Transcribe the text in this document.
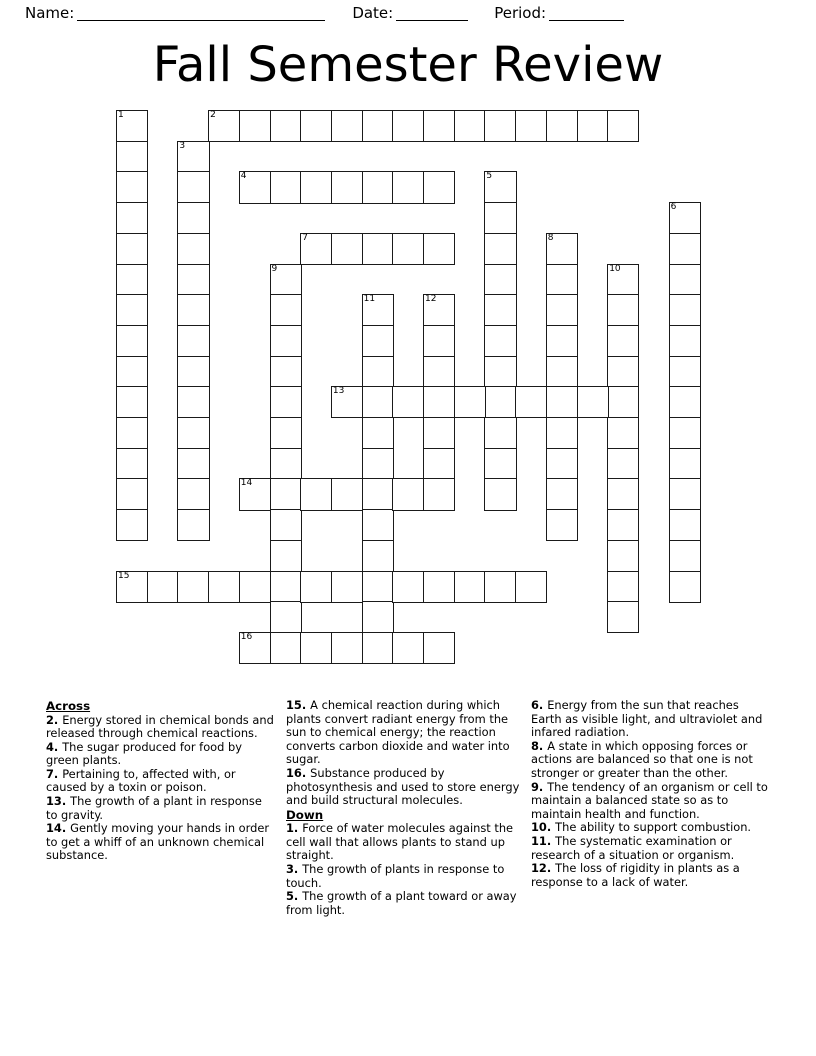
Name:	Date:	Period:
Fall Semester Review
1	2
3
4	5
6
7	8
9	10
11	12
13
14
15
16
Across
2. Energy stored in chemical bonds and released through chemical reactions.
4. The sugar produced for food by green plants.
7. Pertaining to, affected with, or caused by a toxin or poison.
13. The growth of a plant in response to gravity.
14. Gently moving your hands in order to get a whiff of an unknown chemical substance.
15. A chemical reaction during which plants convert radiant energy from the sun to chemical energy; the reaction converts carbon dioxide and water into sugar.
16. Substance produced by photosynthesis and used to store energy and build structural molecules.
Down
1. Force of water molecules against the cell wall that allows plants to stand up straight.
3. The growth of plants in response to touch.
5. The growth of a plant toward or away from light.
6. Energy from the sun that reaches Earth as visible light, and ultraviolet and infared radiation.
8. A state in which opposing forces or actions are balanced so that one is not stronger or greater than the other.
9. The tendency of an organism or cell to maintain a balanced state so as to maintain health and function.
10. The ability to support combustion.
11. The systematic examination or research of a situation or organism.
12. The loss of rigidity in plants as a response to a lack of water.
